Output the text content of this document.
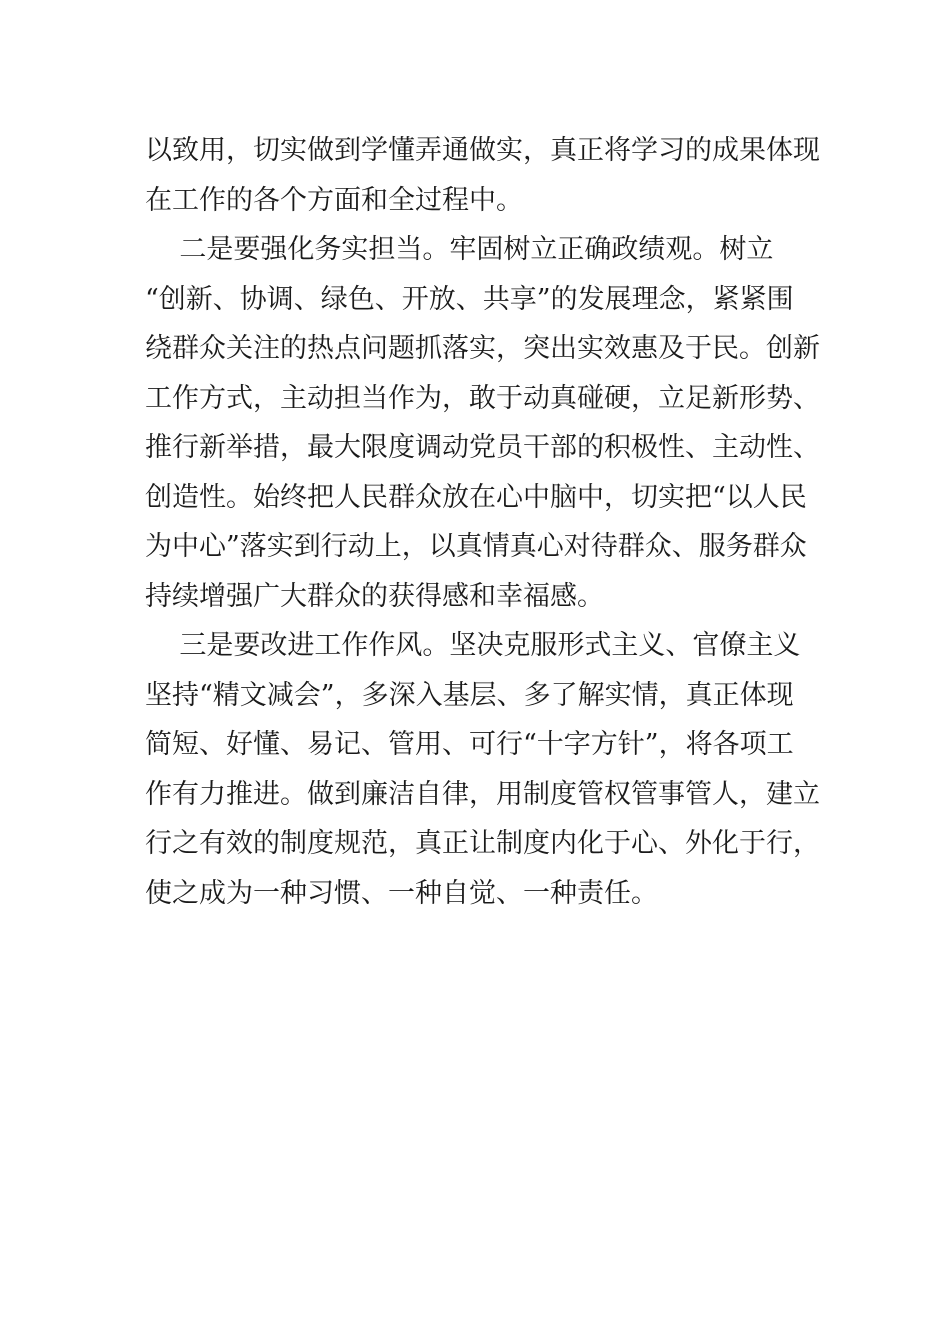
以致用，切实做到学懂弄通做实，真正将学习的成果体现
在工作的各个方面和全过程中。
二是要强化务实担当。牢固树立正确政绩观。树立
“创新、协调、绿色、开放、共享”的发展理念，紧紧围
绕群众关注的热点问题抓落实，突出实效惠及于民。创新
工作方式，主动担当作为，敢于动真碰硬，立足新形势、
推行新举措，最大限度调动党员干部的积极性、主动性、
创造性。始终把人民群众放在心中脑中，切实把“以人民
为中心”落实到行动上，以真情真心对待群众、服务群众
持续增强广大群众的获得感和幸福感。
三是要改进工作作风。坚决克服形式主义、官僚主义
坚持“精文减会”，多深入基层、多了解实情，真正体现
简短、好懂、易记、管用、可行“十字方针”，将各项工
作有力推进。做到廉洁自律，用制度管权管事管人，建立
行之有效的制度规范，真正让制度内化于心、外化于行，
使之成为一种习惯、一种自觉、一种责任。
